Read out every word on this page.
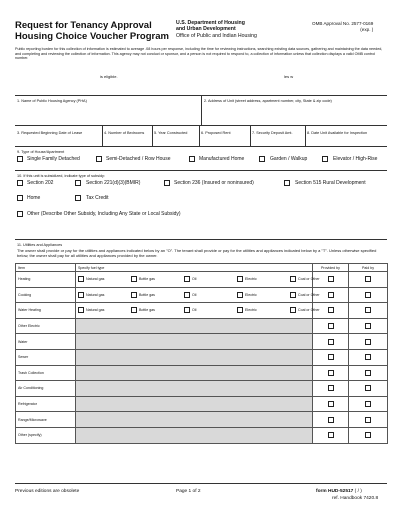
Request for Tenancy Approval
Housing Choice Voucher Program
U.S. Department of Housing
and Urban Development
Office of Public and Indian Housing
OMB Approval No. 2577-0169
(exp. )
Public reporting burden for this collection of information is estimated to average .08 hours per response, including the time for reviewing instructions, searching existing data sources, gathering and maintaining the data needed, and completing and reviewing the collection of information. This agency may not conduct or sponsor, and a person is not required to respond to, a collection of information unless that collection displays a valid OMB control number.
is eligible.	les w
1. Name of Public Housing Agency (PHA)	2. Address of Unit (street address, apartment number, city, State & zip code)
3. Requested Beginning Date of Lease	4. Number of Bedrooms	5. Year Constructed	6. Proposed Rent	7. Security Deposit Amt.	8. Date Unit Available for Inspection
9. Type of House/Apartment
Single Family Detached	Semi-Detached / Row House	Manufactured Home	Garden / Walkup	Elevator / High-Rise
10. If this unit is subsidized, indicate type of subsidy:
Section 202	Section 221(d)(3)(BMIR)	Section 236 (Insured or noninsured)	Section 515 Rural Development
Home	Tax Credit
Other (Describe Other Subsidy, Including Any State or Local Subsidy)
11. Utilities and Appliances
The owner shall provide or pay for the utilities and appliances indicated below by an "O". The tenant shall provide or pay for the utilities and appliances indicated below by a "T". Unless otherwise specified below, the owner shall pay for all utilities and appliances provided by the owner.
Item	Specify fuel type	Provided by	Paid by
Heating	Natural gas Bottle gas Oil Electric Coal or Other	

Cooking	Natural gas Bottle gas Oil Electric Coal or Other	

Water Heating	Natural gas Bottle gas Oil Electric Coal or Other	

Other Electric		

Water		

Sewer		

Trash Collection		

Air Conditioning		

Refrigerator		

Range/Microwave		

Other (specify)		

Previous editions are obsolete	Page 1 of 2	form HUD-52517 ( / )
ref. Handbook 7420.8
